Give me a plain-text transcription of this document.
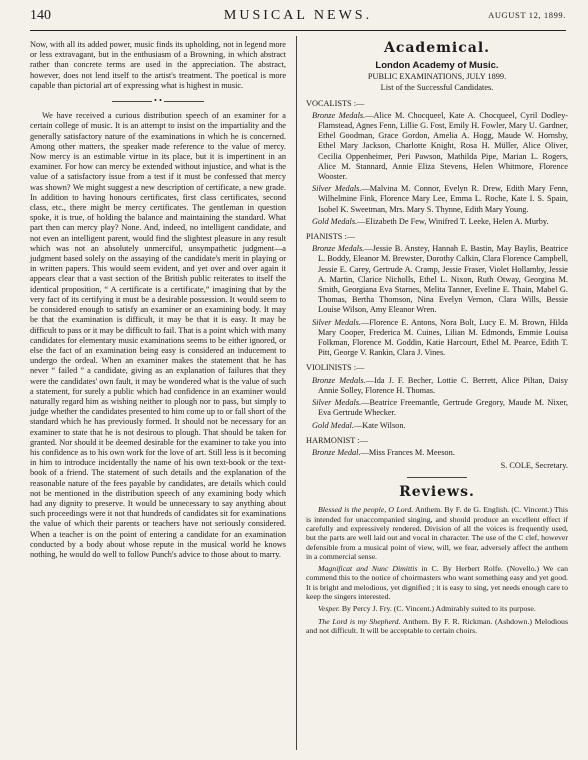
140	MUSICAL NEWS.	AUGUST 12, 1899.

Now, with all its added power, music finds its upholding, not in legend more or less extravagant, but in the enthusiasm of a Browning, in which abstract rather than concrete terms are used in the appreciation. The abstract, however, does not lend itself to the artist's treatment. The poetical is more capable than pictorial art of expressing what is highest in music.

• •

We have received a curious distribution speech of an examiner for a certain college of music. It is an attempt to insist on the impartiality and the generally satisfactory nature of the examinations in which he is concerned. Among other matters, the speaker made reference to the value of mercy. Now mercy is an estimable virtue in its place, but it is impertinent in an examiner. For how can mercy be extended without injustice, and what is the value of a satisfactory issue from a test if it must be confessed that mercy was shown? We might suggest a new description of certificate, a new grade. In addition to having honours certificates, first class certificates, second class, etc., there might be mercy certificates. The gentleman in question spoke, it is true, of holding the balance and maintaining the standard. What part then can mercy play? None. And, indeed, no intelligent candidate, and not even an intelligent parent, would find the slightest pleasure in any result which was not an absolutely unmerciful, unsympathetic judgment—a judgment based solely on the assaying of the candidate's merit in playing or in written papers. This would seem evident, and yet over and over again it appears clear that a vast section of the British public reiterates to itself the identical proposition, “ A certificate is a certificate,” imagining that by the very fact of its certifying it must be a desirable possession. It would seem to be considered enough to satisfy an examiner or an examining body. It may be that the examination is difficult, it may be that it is easy. It may be difficult to pass or it may be difficult to fail. That is a point which with many candidates for elementary music examinations seems to be either ignored, or else the fact of an examination being easy is considered an inducement to undergo the ordeal. When an examiner makes the statement that he has never “ failed ” a candidate, giving as an explanation of failures that they were the candidates' own fault, it may be wondered what is the value of such a statement, for surely a public which had confidence in an examiner would naturally regard him as wishing neither to plough nor to pass, but simply to judge whether the candidates presented to him come up to or fall short of the standard which he has previously formed. It should not be necessary for an examiner to state that he is not desirous to plough. That should be taken for granted. Nor should it be deemed desirable for the examiner to take you into his confidence as to his own work for the love of art. Still less is it becoming in him to introduce incidentally the name of his own text-book or the text-book of a friend. The statement of such details and the explanation of the reasonable nature of the fees payable by candidates, are details which could not be mentioned in the distribution speech of any examining body which had any dignity to preserve. It would be unnecessary to say anything about such proceedings were it not that hundreds of candidates sit for examinations the value of which their parents or teachers have not seriously considered. When a teacher is on the point of entering a candidate for an examination conducted by a body about whose repute in the musical world he knows nothing, he would do well to follow Punch's advice to those about to marry.

Academical.
London Academy of Music.
PUBLIC EXAMINATIONS, JULY 1899.
List of the Successful Candidates.
VOCALISTS :—

Bronze Medals.—Alice M. Chocqueel, Kate A. Chocqueel, Cyril Dodley-Flamstead, Agnes Fenn, Lillie G. Fost, Emily H. Fowler, Mary U. Gardner, Ethel Goodman, Grace Gordon, Amelia A. Hogg, Maude W. Hornsby, Ethel Mary Jackson, Charlotte Knight, Rosa H. Müller, Alice Oliver, Cecilia Oppenheimer, Peri Pawson, Mathilda Pipe, Marian L. Rogers, Alice M. Stannard, Annie Eliza Stevens, Helen Whitmore, Florence Wooster.

Silver Medals.—Malvina M. Connor, Evelyn R. Drew, Edith Mary Fenn, Wilhelmine Fink, Florence Mary Lee, Emma L. Roche, Kate I. S. Spain, Isobel K. Sweetman, Mrs. Mary S. Thynne, Edith Mary Young.

Gold Medals.—Elizabeth De Few, Winifred T. Leeke, Helen A. Murby.

PIANISTS :—

Bronze Medals.—Jessie B. Anstey, Hannah E. Bastin, May Baylis, Beatrice L. Boddy, Eleanor M. Brewster, Dorothy Calkin, Clara Florence Campbell, Jessie E. Carey, Gertrude A. Cramp, Jessie Fraser, Violet Hollamby, Jessie A. Martin, Clarice Nicholls, Ethel L. Nixon, Ruth Otway, Georgina M. Smith, Georgiana Eva Starnes, Melita Tanner, Eveline E. Thain, Mabel G. Thomas, Bertha Thomson, Nina Evelyn Vernon, Clara Wills, Bessie Louise Wilson, Amy Eleanor Wren.

Silver Medals.—Florence E. Antons, Nora Bolt, Lucy E. M. Brown, Hilda Mary Cooper, Frederica M. Cuines, Lilian M. Edmonds, Emmie Louisa Folkman, Florence M. Goddin, Katie Harcourt, Ethel M. Pearce, Edith T. Pitt, George V. Rankin, Clara J. Vines.

VIOLINISTS :—

Bronze Medals.—Ida J. F. Becher, Lottie C. Berrett, Alice Piltan, Daisy Annie Solley, Florence H. Thomas.

Silver Medals.—Beatrice Freemantle, Gertrude Gregory, Maude M. Nixer, Eva Gertrude Whecker.

Gold Medal.—Kate Wilson.

HARMONIST :—

Bronze Medal.—Miss Frances M. Meeson.

S. COLE, Secretary.
Reviews.

Blessed is the people, O Lord. Anthem. By F. de G. English. (C. Vincent.) This is intended for unaccompanied singing, and should produce an excellent effect if carefully and expressively rendered. Division of all the voices is frequently used, but the parts are well laid out and vocal in character. The use of the C clef, however defensible from a musical point of view, will, we fear, adversely affect the anthem in a commercial sense.

Magnificat and Nunc Dimittis in C. By Herbert Rolfe. (Novello.) We can commend this to the notice of choirmasters who want something easy and yet good. It is bright and melodious, yet dignified ; it is easy to sing, yet needs enough care to keep the singers interested.

Vesper. By Percy J. Fry. (C. Vincent.) Admirably suited to its purpose.

The Lord is my Shepherd. Anthem. By F. R. Rickman. (Ashdown.) Melodious and not difficult. It will be acceptable to certain choirs.
